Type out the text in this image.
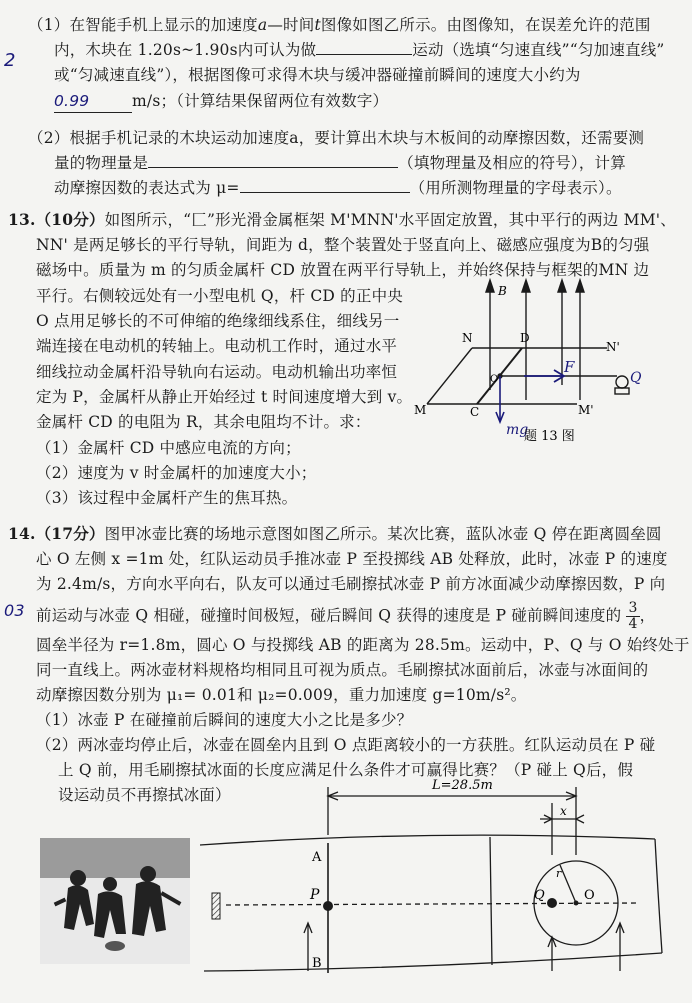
（1）在智能手机上显示的加速度a—时间t图像如图乙所示。由图像知，在误差允许的范围
内，木块在 1.20s~1.90s内可认为做	运动（选填“匀速直线”“匀加速直线”
或“匀减速直线”），根据图像可求得木块与缓冲器碰撞前瞬间的速度大小约为
0.99	m/s；（计算结果保留两位有效数字）
2
（2）根据手机记录的木块运动加速度a，要计算出木块与木板间的动摩擦因数，还需要测
量的物理量是	（填物理量及相应的符号），计算
动摩擦因数的表达式为 μ=	（用所测物理量的字母表示）。
13.（10分）如图所示，“匚”形光滑金属框架 M'MNN'水平固定放置，其中平行的两边 MM'、
NN' 是两足够长的平行导轨，间距为 d，整个装置处于竖直向上、磁感应强度为B的匀强
磁场中。质量为 m 的匀质金属杆 CD 放置在两平行导轨上，并始终保持与框架的MN 边
平行。右侧较远处有一小型电机 Q，杆 CD 的正中央
O 点用足够长的不可伸缩的绝缘细线系住，细线另一
端连接在电动机的转轴上。电动机工作时，通过水平
细线拉动金属杆沿导轨向右运动。电动机输出功率恒
定为 P，金属杆从静止开始经过 t 时间速度增大到 v。
金属杆 CD 的电阻为 R，其余电阻均不计。求：
（1）金属杆 CD 中感应电流的方向；
（2）速度为 v 时金属杆的加速度大小；
（3）该过程中金属杆产生的焦耳热。
B
N	D
N'
O
M	C	M'
F
Q
mg
题 13 图
14.（17分）图甲冰壶比赛的场地示意图如图乙所示。某次比赛，蓝队冰壶 Q 停在距离圆垒圆
心 O 左侧 x =1m 处，红队运动员手推冰壶 P 至投掷线 AB 处释放，此时，冰壶 P 的速度
为 2.4m/s，方向水平向右，队友可以通过毛刷擦拭冰壶 P 前方冰面减少动摩擦因数，P 向
前运动与冰壶 Q 相碰，碰撞时间极短，碰后瞬间 Q 获得的速度是 P 碰前瞬间速度的 $\frac{3}{4}$ ，
03
圆垒半径为 r=1.8m，圆心 O 与投掷线 AB 的距离为 28.5m。运动中，P、Q 与 O 始终处于
同一直线上。两冰壶材料规格均相同且可视为质点。毛刷擦拭冰面前后，冰壶与冰面间的
动摩擦因数分别为 μ₁= 0.01和 μ₂=0.009，重力加速度 g=10m/s²。
（1）冰壶 P 在碰撞前后瞬间的速度大小之比是多少？
（2）两冰壶均停止后，冰壶在圆垒内且到 O 点距离较小的一方获胜。红队运动员在 P 碰
上 Q 前，用毛刷擦拭冰面的长度应满足什么条件才可赢得比赛？（P 碰上 Q后，假
设运动员不再擦拭冰面）
L=28.5m
x
A
B
P	Q	O
r
